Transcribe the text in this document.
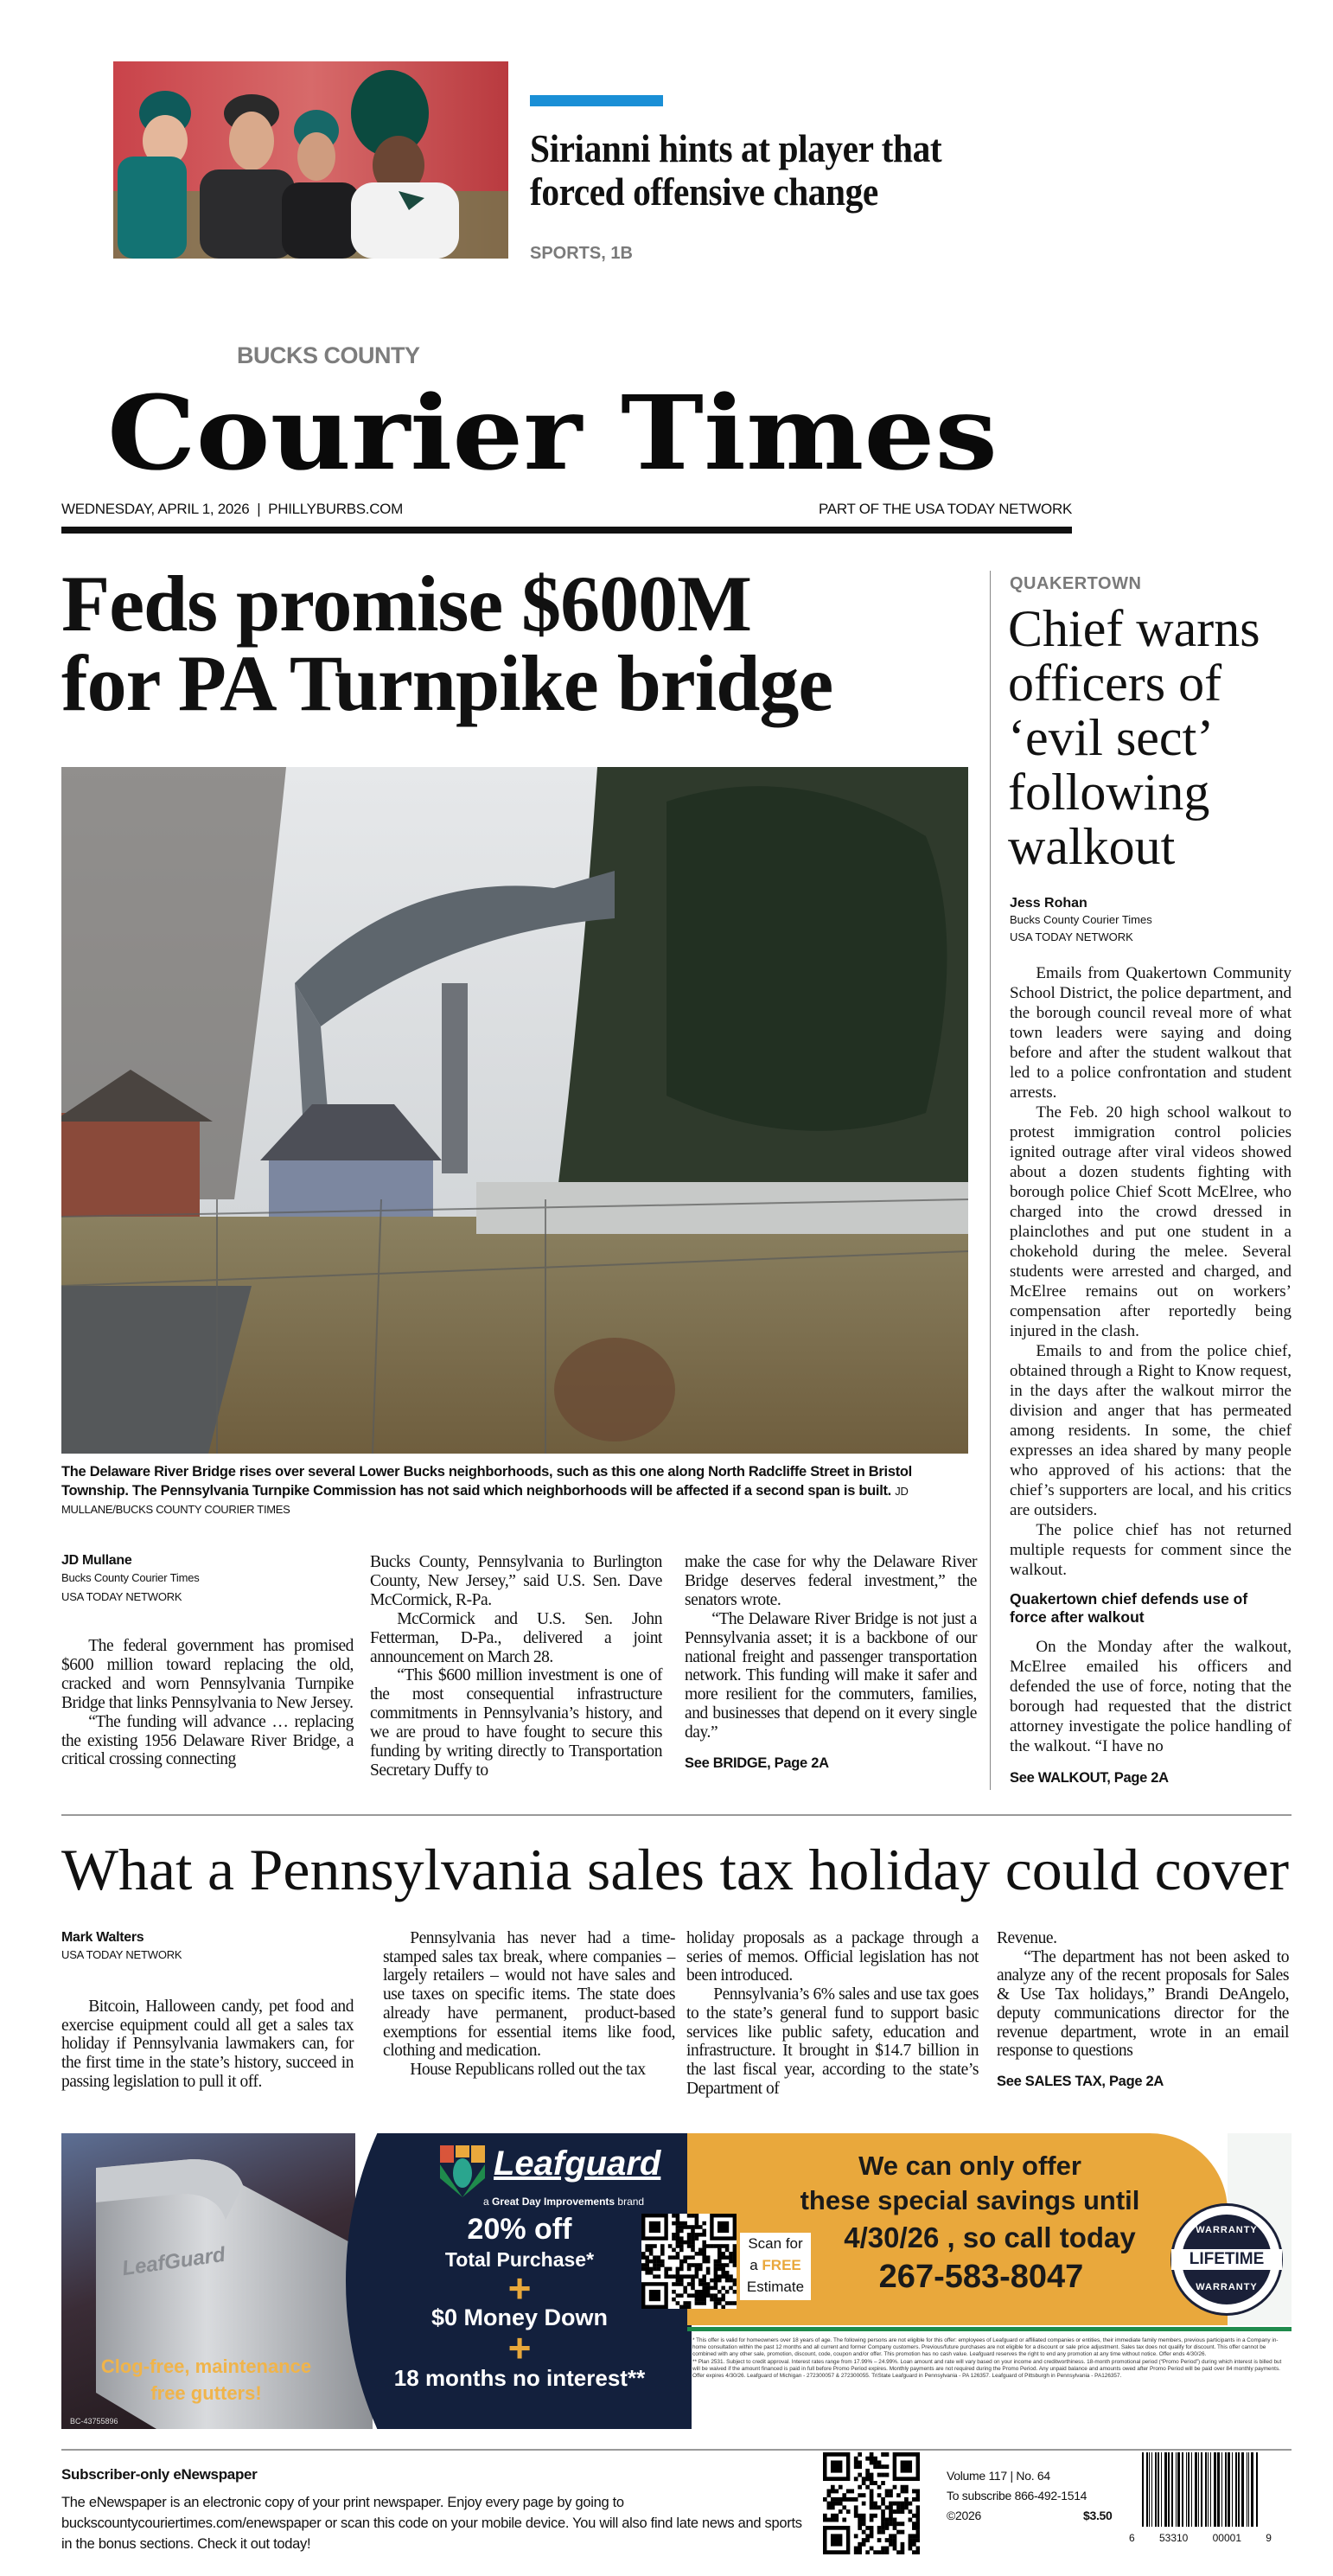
Sirianni hints at player that
forced offensive change
SPORTS, 1B
BUCKS COUNTY
Courier Times
WEDNESDAY, APRIL 1, 2026  |  PHILLYBURBS.COM	PART OF THE USA TODAY NETWORK
Feds promise $600M
for PA Turnpike bridge
The Delaware River Bridge rises over several Lower Bucks neighborhoods, such as this one along North Radcliffe Street in Bristol Township. The Pennsylvania Turnpike Commission has not said which neighborhoods will be affected if a second span is built. JD MULLANE/BUCKS COUNTY COURIER TIMES
JD Mullane
Bucks County Courier Times
USA TODAY NETWORK

The federal government has promised $600 million toward replacing the old, cracked and worn Pennsylvania Turnpike Bridge that links Pennsylvania to New Jersey.

“The funding will advance … replacing the existing 1956 Delaware River Bridge, a critical crossing connecting

Bucks County, Pennsylvania to Burlington County, New Jersey,” said U.S. Sen. Dave McCormick, R-Pa.

McCormick and U.S. Sen. John Fetterman, D-Pa., delivered a joint announcement on March 28.

“This $600 million investment is one of the most consequential infrastructure commitments in Pennsylvania’s history, and we are proud to have fought to secure this funding by writing directly to Transportation Secretary Duffy to

make the case for why the Delaware River Bridge deserves federal investment,” the senators wrote.

“The Delaware River Bridge is not just a Pennsylvania asset; it is a backbone of our national freight and passenger transportation network. This funding will make it safer and more resilient for the commuters, families, and businesses that depend on it every single day.”

See BRIDGE, Page 2A
QUAKERTOWN
Chief warns
officers of
‘evil sect’
following
walkout
Jess Rohan
Bucks County Courier Times
USA TODAY NETWORK

Emails from Quakertown Community School District, the police department, and the borough council reveal more of what town leaders were saying and doing before and after the student walkout that led to a police confrontation and student arrests.

The Feb. 20 high school walkout to protest immigration control policies ignited outrage after viral videos showed about a dozen students fighting with borough police Chief Scott McElree, who charged into the crowd dressed in plainclothes and put one student in a chokehold during the melee. Several students were arrested and charged, and McElree remains out on workers’ compensation after reportedly being injured in the clash.

Emails to and from the police chief, obtained through a Right to Know request, in the days after the walkout mirror the division and anger that has permeated among residents. In some, the chief expresses an idea shared by many people who approved of his actions: that the chief’s supporters are local, and his critics are outsiders.

The police chief has not returned multiple requests for comment since the walkout.

Quakertown chief defends use of force after walkout

On the Monday after the walkout, McElree emailed his officers and defended the use of force, noting that the borough had requested that the district attorney investigate the police handling of the walkout. “I have no

See WALKOUT, Page 2A
What a Pennsylvania sales tax holiday could cover
Mark Walters
USA TODAY NETWORK

Bitcoin, Halloween candy, pet food and exercise equipment could all get a sales tax holiday if Pennsylvania lawmakers can, for the first time in the state’s history, succeed in passing legislation to pull it off.

Pennsylvania has never had a time-stamped sales tax break, where companies – largely retailers – would not have sales and use taxes on specific items. The state does already have permanent, product-based exemptions for essential items like food, clothing and medication.

House Republicans rolled out the tax

holiday proposals as a package through a series of memos. Official legislation has not been introduced.

Pennsylvania’s 6% sales and use tax goes to the state’s general fund to support basic services like public safety, education and infrastructure. It brought in $14.7 billion in the last fiscal year, according to the state’s Department of

Revenue.

“The department has not been asked to analyze any of the recent proposals for Sales & Use Tax holidays,” Brandi DeAngelo, deputy communications director for the revenue department, wrote in an email response to questions

See SALES TAX, Page 2A
LeafGuard
Clog-free, maintenance
free gutters!
BC-43755896
Leafguard
a Great Day Improvements brand
20% off
Total Purchase*
+
$0 Money Down
+
18 months no interest**
Scan for
a FREE
Estimate
We can only offer
these special savings until
4/30/26 , so call today
267-583-8047
WARRANTY
LIFETIME
WARRANTY
* This offer is valid for homeowners over 18 years of age. The following persons are not eligible for this offer: employees of Leafguard or affiliated companies or entities, their immediate family members, previous participants in a Company in-home consultation within the past 12 months and all current and former Company customers. Previous/future purchases are not eligible for a discount or sale price adjustment. Sales tax does not qualify for discount. This offer cannot be combined with any other sale, promotion, discount, code, coupon and/or offer. This promotion has no cash value. Leafguard reserves the right to end any promotion at any time without notice. Offer ends 4/30/26.
** Plan 2531. Subject to credit approval. Interest rates range from 17.99% – 24.99%. Loan amount and rate will vary based on your income and creditworthiness. 18-month promotional period (“Promo Period”) during which interest is billed but will be waived if the amount financed is paid in full before Promo Period expires. Monthly payments are not required during the Promo Period. Any unpaid balance and amounts owed after Promo Period will be paid over 84 monthly payments. Offer expires 4/30/26. Leafguard of Michigan - 272300057 & 272300055. TriState Leafguard in Pennsylvania - PA 126357. Leafguard of Pittsburgh in Pennsylvania - PA126357.
Subscriber-only eNewspaper
The eNewspaper is an electronic copy of your print newspaper. Enjoy every page by going to buckscountycouriertimes.com/enewspaper or scan this code on your mobile device. You will also find late news and sports in the bonus sections. Check it out today!
Volume 117 | No. 64
To subscribe 866-492-1514
©2026	$3.50
6 53310 00001 9
